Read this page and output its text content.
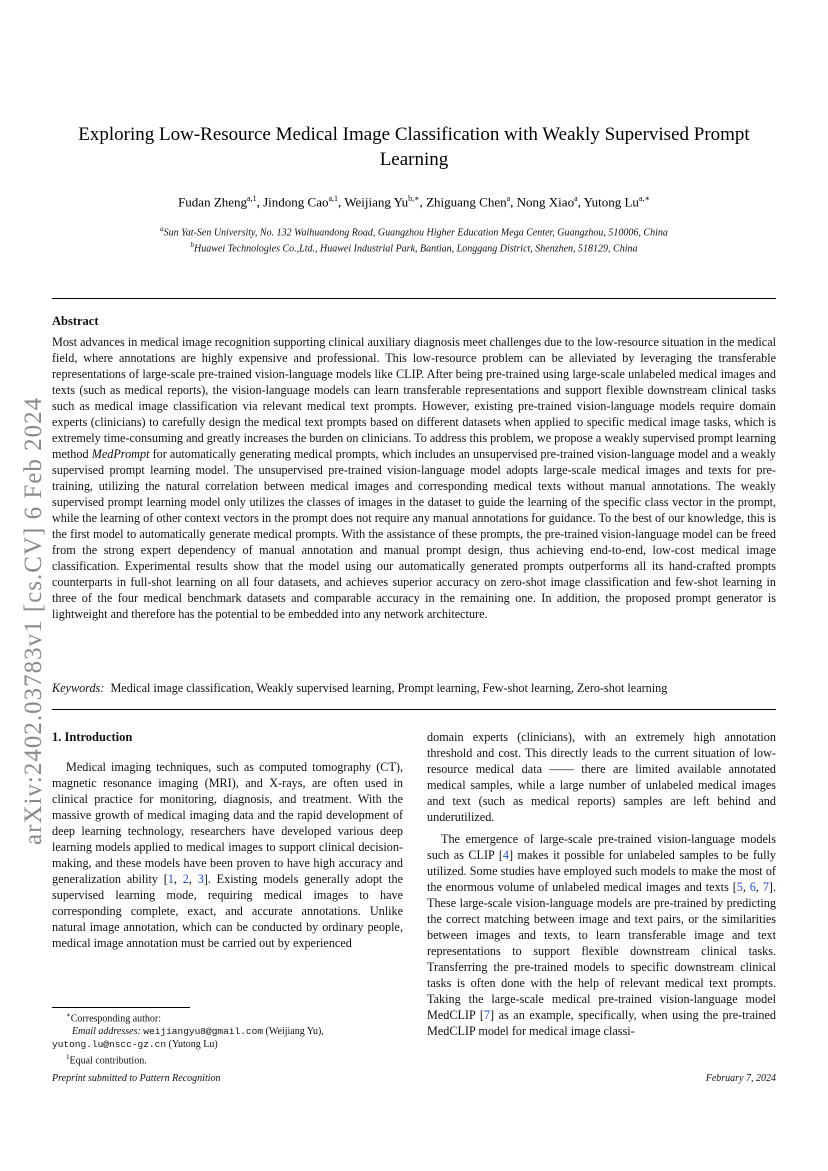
arXiv:2402.03783v1 [cs.CV] 6 Feb 2024
Exploring Low-Resource Medical Image Classification with Weakly Supervised Prompt Learning
Fudan Zheng$^{a,1}$, Jindong Cao$^{a,1}$, Weijiang $Yu^{b,∗}$, Zhiguang Chen$^a$, Nong Xiao$^a$, Yutong $Lu^{a,∗}$
$^a$Sun Yat-Sen University, No. 132 Waihuandong Road, Guangzhou Higher Education Mega Center, Guangzhou, 510006, China
$^b$Huawei Technologies Co.,Ltd., Huawei Industrial Park, Bantian, Longgang District, Shenzhen, 518129, China
Abstract

Most advances in medical image recognition supporting clinical auxiliary diagnosis meet challenges due to the low-resource situation in the medical field, where annotations are highly expensive and professional. This low-resource problem can be alleviated by leveraging the transferable representations of large-scale pre-trained vision-language models like CLIP. After being pre-trained using large-scale unlabeled medical images and texts (such as medical reports), the vision-language models can learn transferable representations and support flexible downstream clinical tasks such as medical image classification via relevant medical text prompts. However, existing pre-trained vision-language models require domain experts (clinicians) to carefully design the medical text prompts based on different datasets when applied to specific medical image tasks, which is extremely time-consuming and greatly increases the burden on clinicians. To address this problem, we propose a weakly supervised prompt learning method MedPrompt for automatically generating medical prompts, which includes an unsupervised pre-trained vision-language model and a weakly supervised prompt learning model. The unsupervised pre-trained vision-language model adopts large-scale medical images and texts for pre-training, utilizing the natural correlation between medical images and corresponding medical texts without manual annotations. The weakly supervised prompt learning model only utilizes the classes of images in the dataset to guide the learning of the specific class vector in the prompt, while the learning of other context vectors in the prompt does not require any manual annotations for guidance. To the best of our knowledge, this is the first model to automatically generate medical prompts. With the assistance of these prompts, the pre-trained vision-language model can be freed from the strong expert dependency of manual annotation and manual prompt design, thus achieving end-to-end, low-cost medical image classification. Experimental results show that the model using our automatically generated prompts outperforms all its hand-crafted prompts counterparts in full-shot learning on all four datasets, and achieves superior accuracy on zero-shot image classification and few-shot learning in three of the four medical benchmark datasets and comparable accuracy in the remaining one. In addition, the proposed prompt generator is lightweight and therefore has the potential to be embedded into any network architecture.

Keywords: Medical image classification, Weakly supervised learning, Prompt learning, Few-shot learning, Zero-shot learning
1. Introduction

Medical imaging techniques, such as computed tomography (CT), magnetic resonance imaging (MRI), and X-rays, are often used in clinical practice for monitoring, diagnosis, and treatment. With the massive growth of medical imaging data and the rapid development of deep learning technology, researchers have developed various deep learning models applied to medical images to support clinical decision-making, and these models have been proven to have high accuracy and generalization ability [1, 2, 3]. Existing models generally adopt the supervised learning mode, requiring medical images to have corresponding complete, exact, and accurate annotations. Unlike natural image annotation, which can be conducted by ordinary people, medical image annotation must be carried out by experienced

domain experts (clinicians), with an extremely high annotation threshold and cost. This directly leads to the current situation of low-resource medical data —— there are limited available annotated medical samples, while a large number of unlabeled medical images and text (such as medical reports) samples are left behind and underutilized.

The emergence of large-scale pre-trained vision-language models such as CLIP [4] makes it possible for unlabeled samples to be fully utilized. Some studies have employed such models to make the most of the enormous volume of unlabeled medical images and texts [5, 6, 7]. These large-scale vision-language models are pre-trained by predicting the correct matching between image and text pairs, or the similarities between images and texts, to learn transferable image and text representations to support flexible downstream clinical tasks. Transferring the pre-trained models to specific downstream clinical tasks is often done with the help of relevant medical text prompts. Taking the large-scale medical pre-trained vision-language model MedCLIP [7] as an example, specifically, when using the pre-trained MedCLIP model for medical image classi-

∗Corresponding author:
Email addresses: weijiangyu8@gmail.com (Weijiang Yu),
yutong.lu@nscc-gz.cn (Yutong Lu)
$^1$Equal contribution.
Preprint submitted to Pattern Recognition	February 7, 2024
